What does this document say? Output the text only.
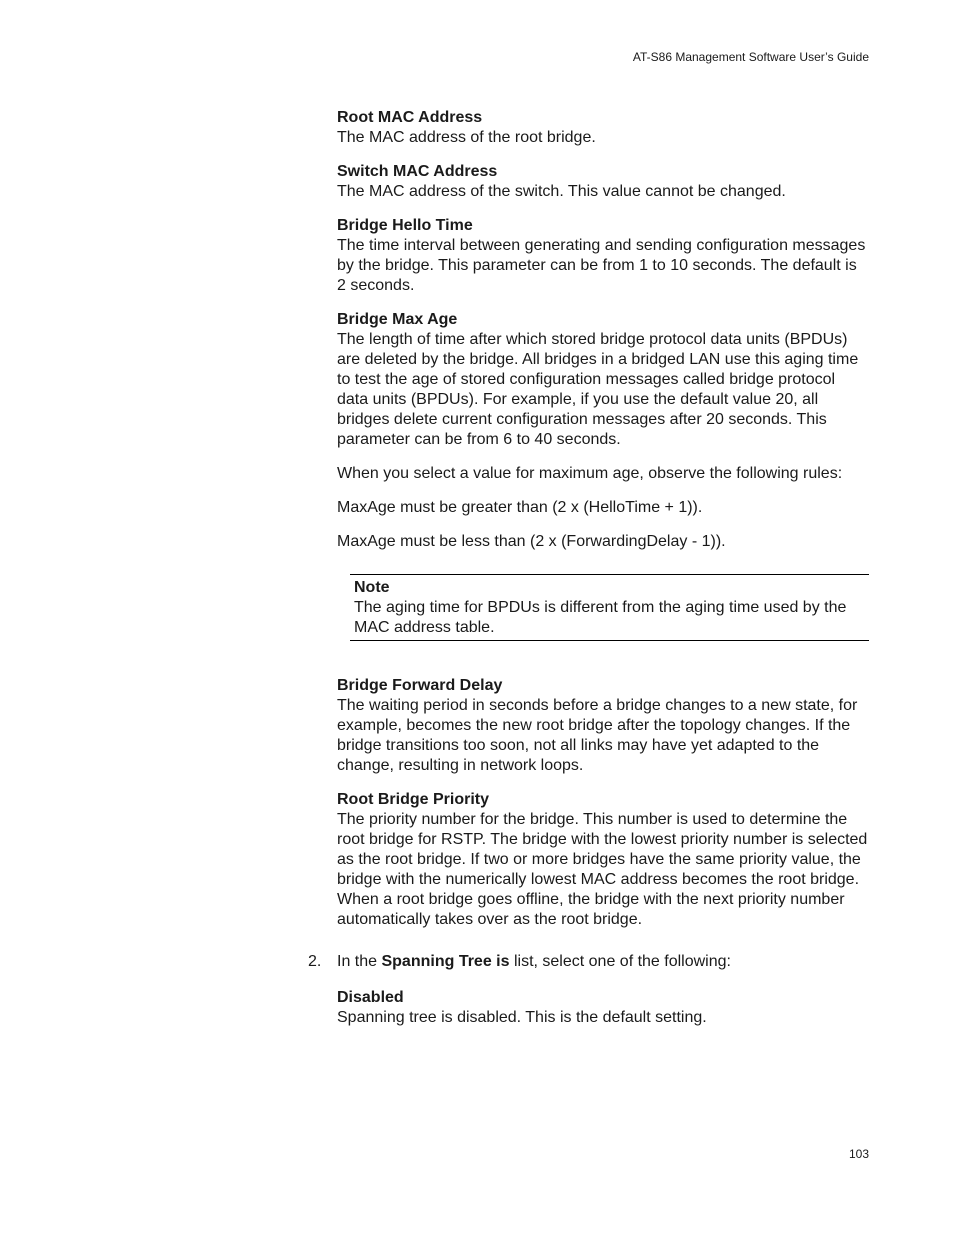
AT-S86 Management Software User’s Guide

Root MAC Address

The MAC address of the root bridge.

Switch MAC Address

The MAC address of the switch. This value cannot be changed.

Bridge Hello Time

The time interval between generating and sending configuration messages by the bridge. This parameter can be from 1 to 10 seconds. The default is 2 seconds.

Bridge Max Age

The length of time after which stored bridge protocol data units (BPDUs) are deleted by the bridge. All bridges in a bridged LAN use this aging time to test the age of stored configuration messages called bridge protocol data units (BPDUs). For example, if you use the default value 20, all bridges delete current configuration messages after 20 seconds. This parameter can be from 6 to 40 seconds.

When you select a value for maximum age, observe the following rules:

MaxAge must be greater than (2 x (HelloTime + 1)).

MaxAge must be less than (2 x (ForwardingDelay - 1)).

Note

The aging time for BPDUs is different from the aging time used by the MAC address table.

Bridge Forward Delay

The waiting period in seconds before a bridge changes to a new state, for example, becomes the new root bridge after the topology changes. If the bridge transitions too soon, not all links may have yet adapted to the change, resulting in network loops.

Root Bridge Priority

The priority number for the bridge. This number is used to determine the root bridge for RSTP. The bridge with the lowest priority number is selected as the root bridge. If two or more bridges have the same priority value, the bridge with the numerically lowest MAC address becomes the root bridge. When a root bridge goes offline, the bridge with the next priority number automatically takes over as the root bridge.

2. In the Spanning Tree is list, select one of the following:

Disabled

Spanning tree is disabled. This is the default setting.

103
